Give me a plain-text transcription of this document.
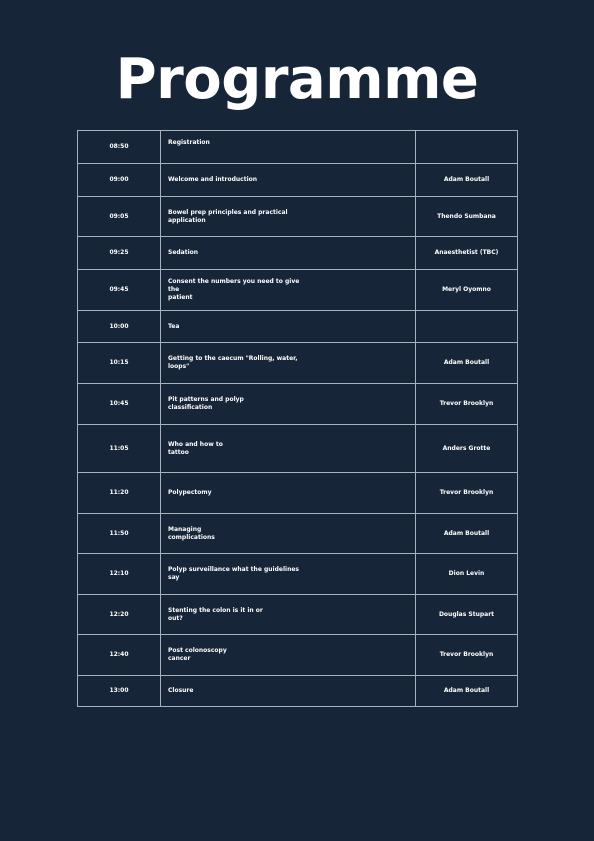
Programme
08:50	Registration	

09:00	Welcome and introduction	Adam Boutall
09:05	Bowel prep principles and practical
application	Thendo Sumbana
09:25	Sedation	Anaesthetist (TBC)
09:45	Consent the numbers you need to give the
patient	Meryl Oyomno
10:00	Tea	

10:15	Getting to the caecum "Rolling, water,
loops"	Adam Boutall
10:45	Pit patterns and polyp
classification	Trevor Brooklyn
11:05	Who and how to
tattoo	Anders Grotte
11:20	Polypectomy	Trevor Brooklyn
11:50	Managing
complications	Adam Boutall
12:10	Polyp surveillance what the guidelines
say	Dion Levin
12:20	Stenting the colon is it in or
out?	Douglas Stupart
12:40	Post colonoscopy
cancer	Trevor Brooklyn
13:00	Closure	Adam Boutall
